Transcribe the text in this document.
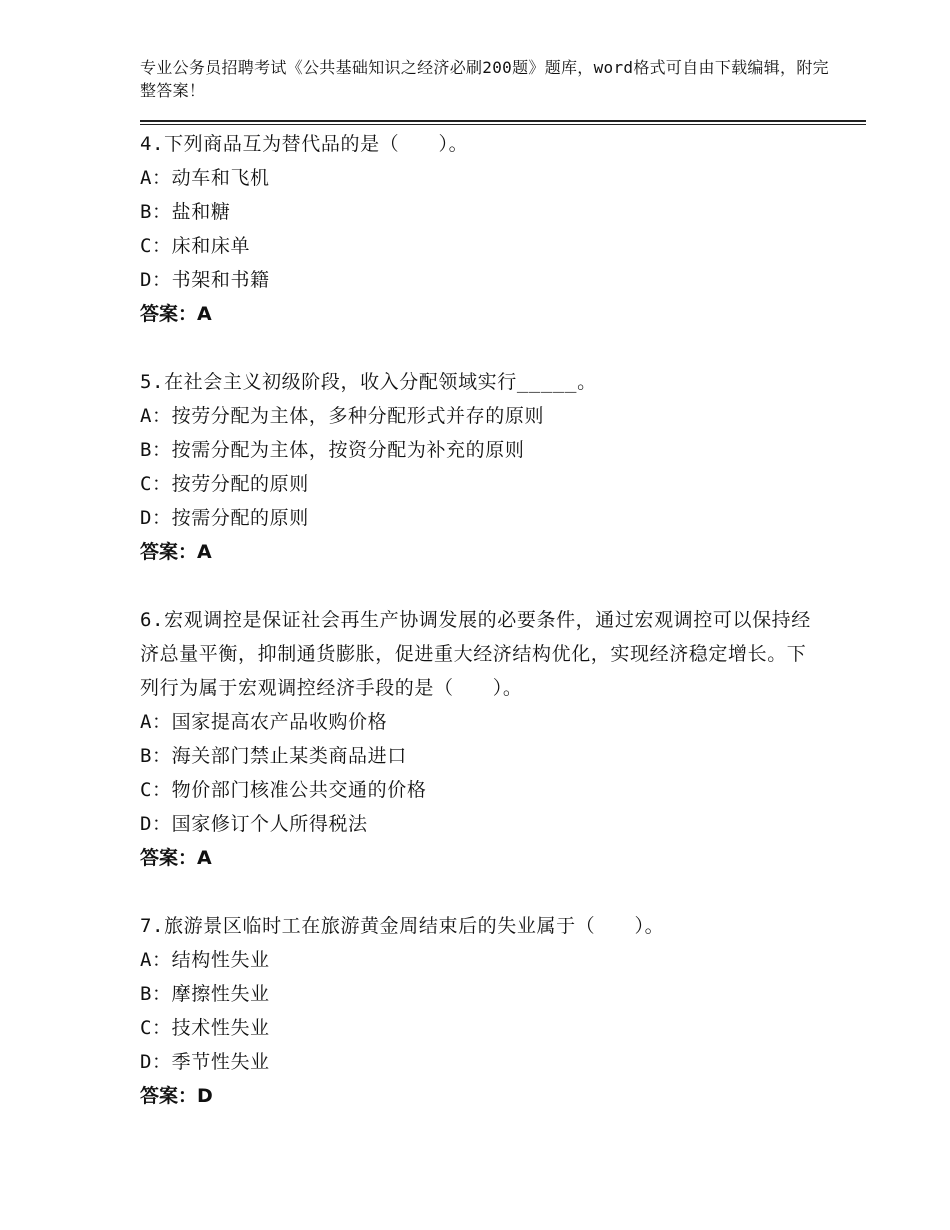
专业公务员招聘考试《公共基础知识之经济必刷200题》题库，word格式可自由下载编辑，附完整答案！
4.下列商品互为替代品的是（　　）。
A：动车和飞机
B：盐和糖
C：床和床单
D：书架和书籍
答案：A
5.在社会主义初级阶段，收入分配领域实行_____。
A：按劳分配为主体，多种分配形式并存的原则
B：按需分配为主体，按资分配为补充的原则
C：按劳分配的原则
D：按需分配的原则
答案：A
6.宏观调控是保证社会再生产协调发展的必要条件，通过宏观调控可以保持经济总量平衡，抑制通货膨胀，促进重大经济结构优化，实现经济稳定增长。下列行为属于宏观调控经济手段的是（　　）。
A：国家提高农产品收购价格
B：海关部门禁止某类商品进口
C：物价部门核准公共交通的价格
D：国家修订个人所得税法
答案：A
7.旅游景区临时工在旅游黄金周结束后的失业属于（　　）。
A：结构性失业
B：摩擦性失业
C：技术性失业
D：季节性失业
答案：D
